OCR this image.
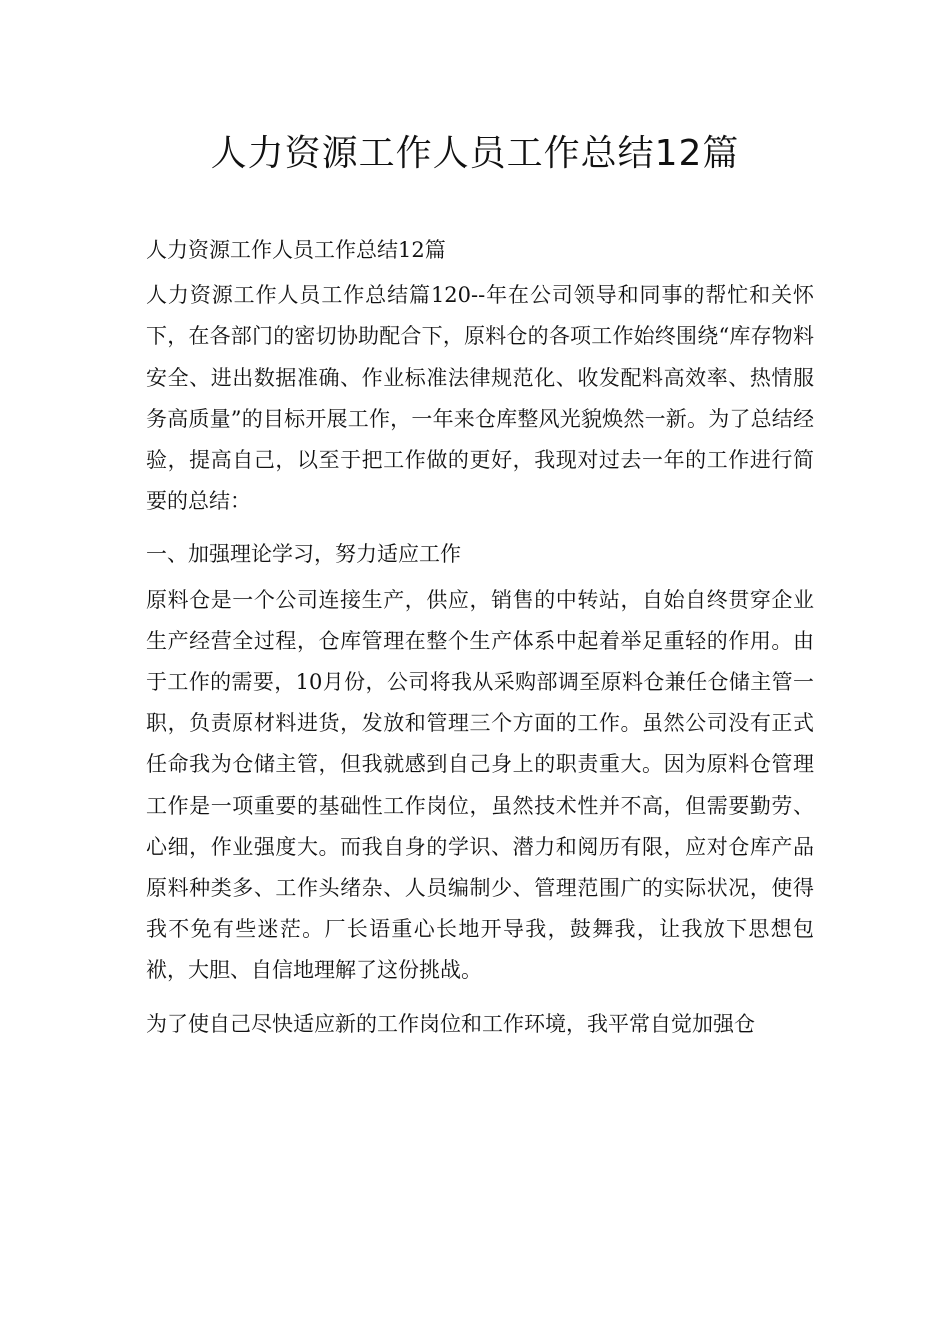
人力资源工作人员工作总结12篇

人力资源工作人员工作总结12篇

人力资源工作人员工作总结篇120--年在公司领导和同事的帮忙和关怀下，在各部门的密切协助配合下，原料仓的各项工作始终围绕“库存物料安全、进出数据准确、作业标准法律规范化、收发配料高效率、热情服务高质量”的目标开展工作，一年来仓库整风光貌焕然一新。为了总结经验，提高自己，以至于把工作做的更好，我现对过去一年的工作进行简要的总结：

一、加强理论学习，努力适应工作

原料仓是一个公司连接生产，供应，销售的中转站，自始自终贯穿企业生产经营全过程，仓库管理在整个生产体系中起着举足重轻的作用。由于工作的需要，10月份，公司将我从采购部调至原料仓兼任仓储主管一职，负责原材料进货，发放和管理三个方面的工作。虽然公司没有正式任命我为仓储主管，但我就感到自己身上的职责重大。因为原料仓管理工作是一项重要的基础性工作岗位，虽然技术性并不高，但需要勤劳、心细，作业强度大。而我自身的学识、潜力和阅历有限，应对仓库产品原料种类多、工作头绪杂、人员编制少、管理范围广的实际状况，使得我不免有些迷茫。厂长语重心长地开导我，鼓舞我，让我放下思想包袱，大胆、自信地理解了这份挑战。

为了使自己尽快适应新的工作岗位和工作环境，我平常自觉加强仓
